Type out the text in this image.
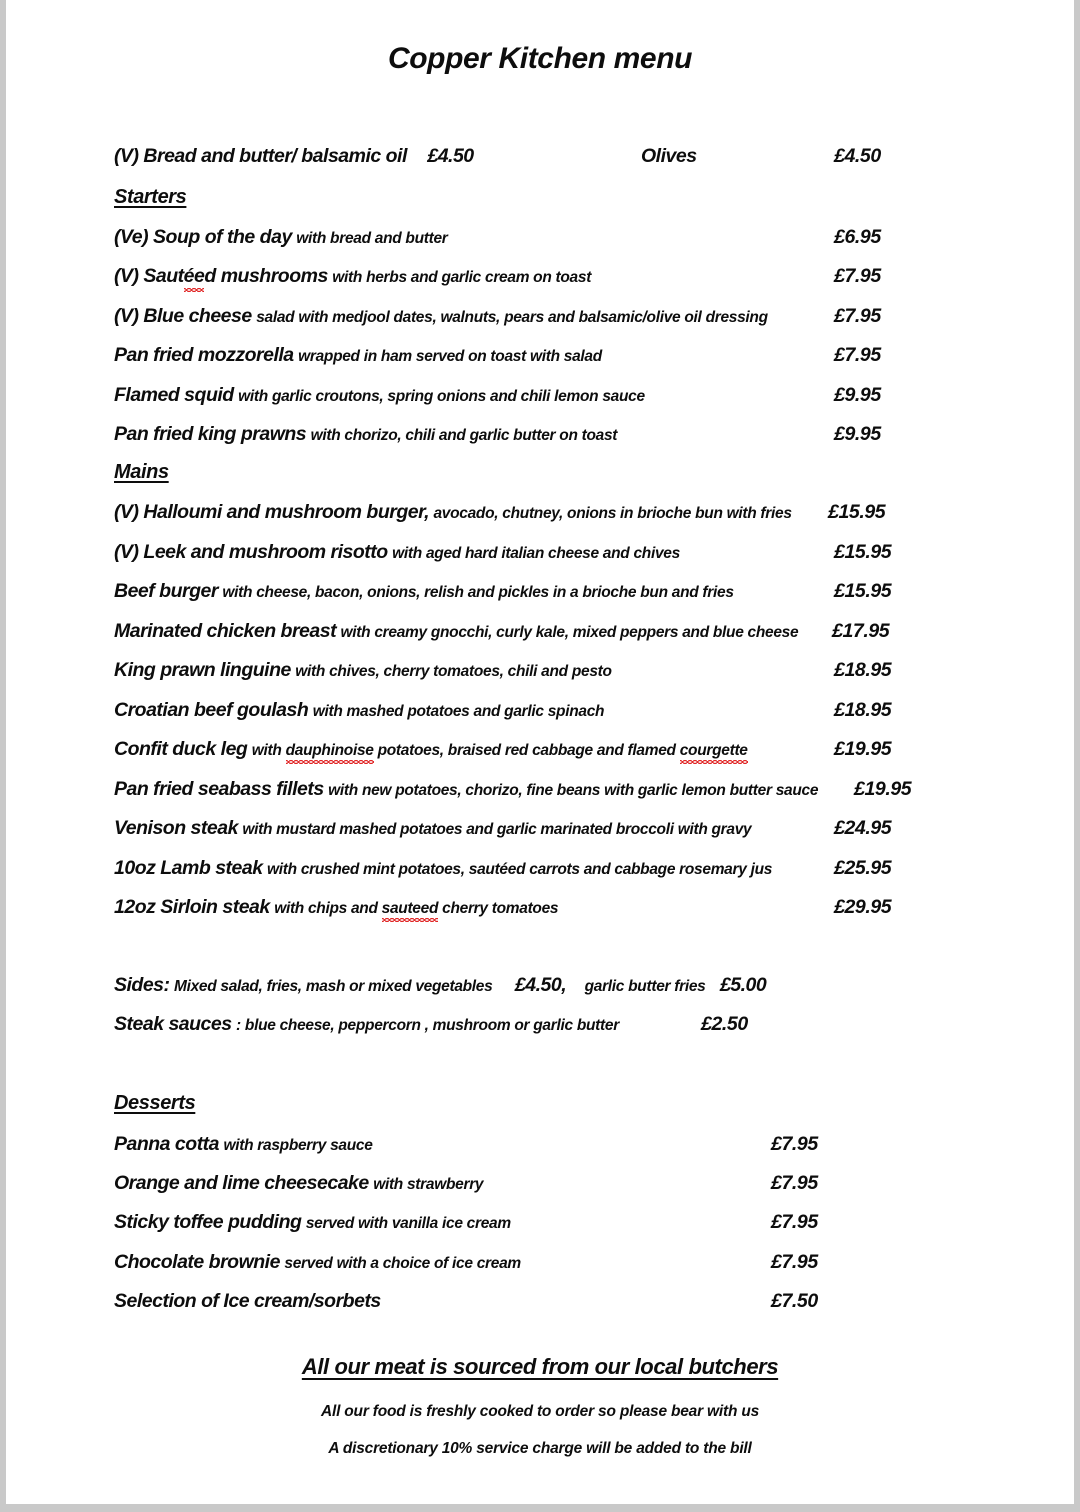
Copper Kitchen menu
(V) Bread and butter/ balsamic oil £4.50	Olives	£4.50
Starters
(Ve) Soup of the day with bread and butter	£6.95
(V) Sautéed mushrooms with herbs and garlic cream on toast	£7.95
(V) Blue cheese salad with medjool dates, walnuts, pears and balsamic/olive oil dressing	£7.95
Pan fried mozzorella wrapped in ham served on toast with salad	£7.95
Flamed squid with garlic croutons, spring onions and chili lemon sauce	£9.95
Pan fried king prawns with chorizo, chili and garlic butter on toast	£9.95
Mains
(V) Halloumi and mushroom burger, avocado, chutney, onions in brioche bun with fries £15.95
(V) Leek and mushroom risotto with aged hard italian cheese and chives	£15.95
Beef burger with cheese, bacon, onions, relish and pickles in a brioche bun and fries	£15.95
Marinated chicken breast with creamy gnocchi, curly kale, mixed peppers and blue cheese £17.95
King prawn linguine with chives, cherry tomatoes, chili and pesto	£18.95
Croatian beef goulash with mashed potatoes and garlic spinach	£18.95
Confit duck leg with dauphinoise potatoes, braised red cabbage and flamed courgette	£19.95
Pan fried seabass fillets with new potatoes, chorizo, fine beans with garlic lemon butter sauce £19.95
Venison steak with mustard mashed potatoes and garlic marinated broccoli with gravy	£24.95
10oz Lamb steak with crushed mint potatoes, sautéed carrots and cabbage rosemary jus	£25.95
12oz Sirloin steak with chips and sauteed cherry tomatoes	£29.95
Sides: Mixed salad, fries, mash or mixed vegetables £4.50, garlic butter fries £5.00
Steak sauces : blue cheese, peppercorn , mushroom or garlic butter	£2.50
Desserts
Panna cotta with raspberry sauce	£7.95
Orange and lime cheesecake with strawberry	£7.95
Sticky toffee pudding served with vanilla ice cream	£7.95
Chocolate brownie served with a choice of ice cream	£7.95
Selection of Ice cream/sorbets	£7.50
All our meat is sourced from our local butchers
All our food is freshly cooked to order so please bear with us
A discretionary 10% service charge will be added to the bill
